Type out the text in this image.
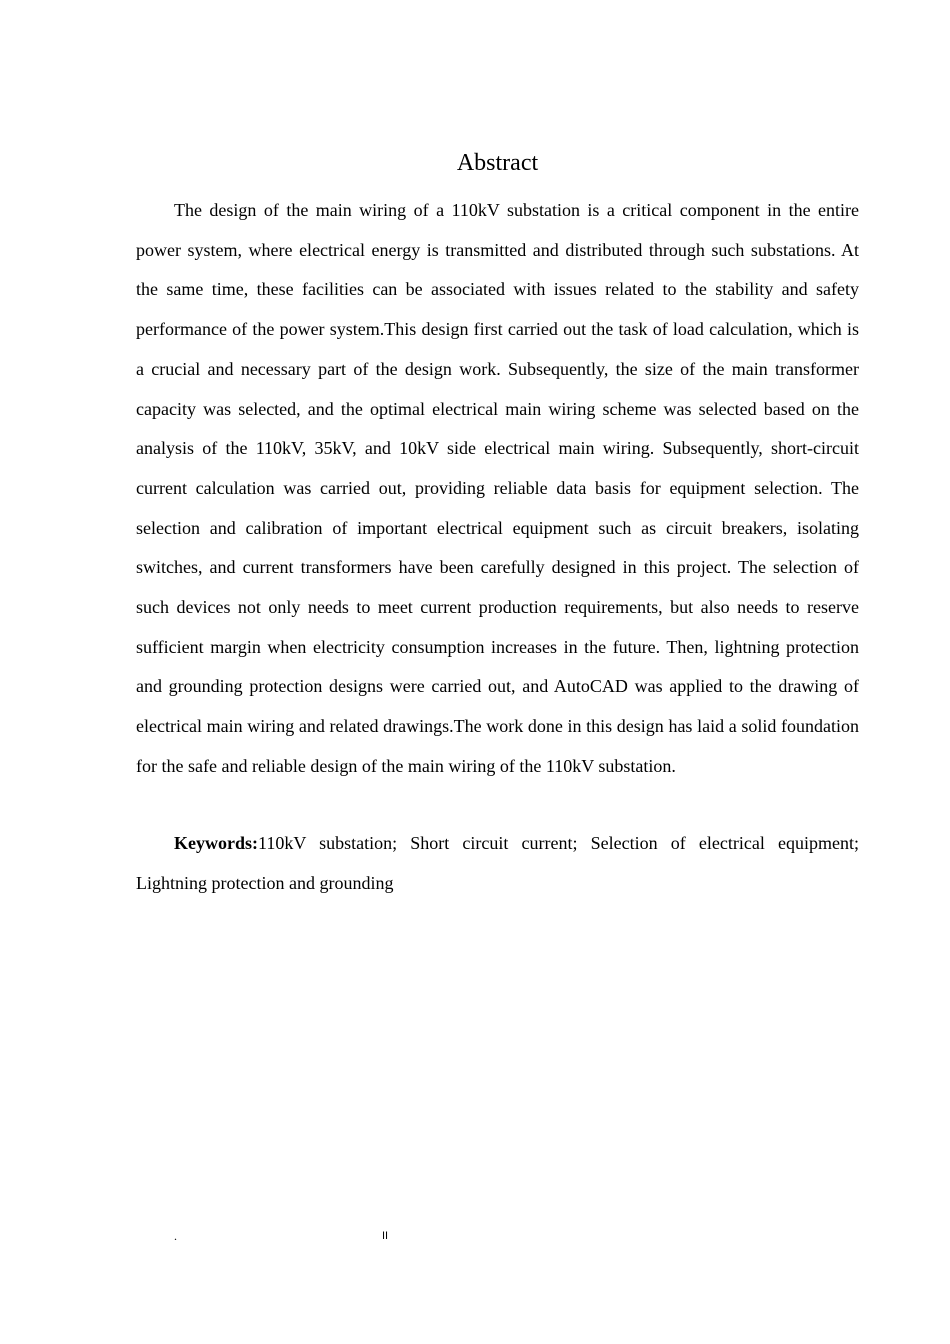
Abstract

The design of the main wiring of a 110kV substation is a critical component in the entire power system, where electrical energy is transmitted and distributed through such substations. At the same time, these facilities can be associated with issues related to the stability and safety performance of the power system.This design first carried out the task of load calculation, which is a crucial and necessary part of the design work. Subsequently, the size of the main transformer capacity was selected, and the optimal electrical main wiring scheme was selected based on the analysis of the 110kV, 35kV, and 10kV side electrical main wiring. Subsequently, short-circuit current calculation was carried out, providing reliable data basis for equipment selection. The selection and calibration of important electrical equipment such as circuit breakers, isolating switches, and current transformers have been carefully designed in this project. The selection of such devices not only needs to meet current production requirements, but also needs to reserve sufficient margin when electricity consumption increases in the future. Then, lightning protection and grounding protection designs were carried out, and AutoCAD was applied to the drawing of electrical main wiring and related drawings.The work done in this design has laid a solid foundation for the safe and reliable design of the main wiring of the 110kV substation.

Keywords:110kV substation; Short circuit current; Selection of electrical equipment; Lightning protection and grounding

.	II
